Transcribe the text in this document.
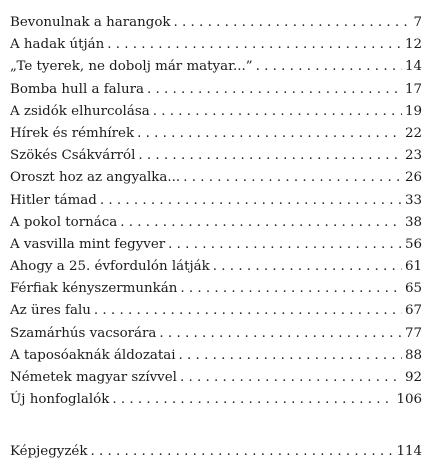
Bevonulnak a harangok . . .	7
A hadak útján . . .	12
„Te tyerek, ne dobolj már matyar...” . . .	14
Bomba hull a falura . . .	17
A zsidók elhurcolása . . .	19
Hírek és rémhírek . . .	22
Szökés Csákvárról . . .	23
Oroszt hoz az angyalka... . . .	26
Hitler támad . . .	33
A pokol tornáca . . .	38
A vasvilla mint fegyver . . .	56
Ahogy a 25. évfordulón látják . . .	61
Férfiak kényszermunkán . . .	65
Az üres falu . . .	67
Szamárhús vacsorára . . .	77
A taposóaknák áldozatai . . .	88
Németek magyar szívvel . . .	92
Új honfoglalók . . .	106
Képjegyzék . . .	114
